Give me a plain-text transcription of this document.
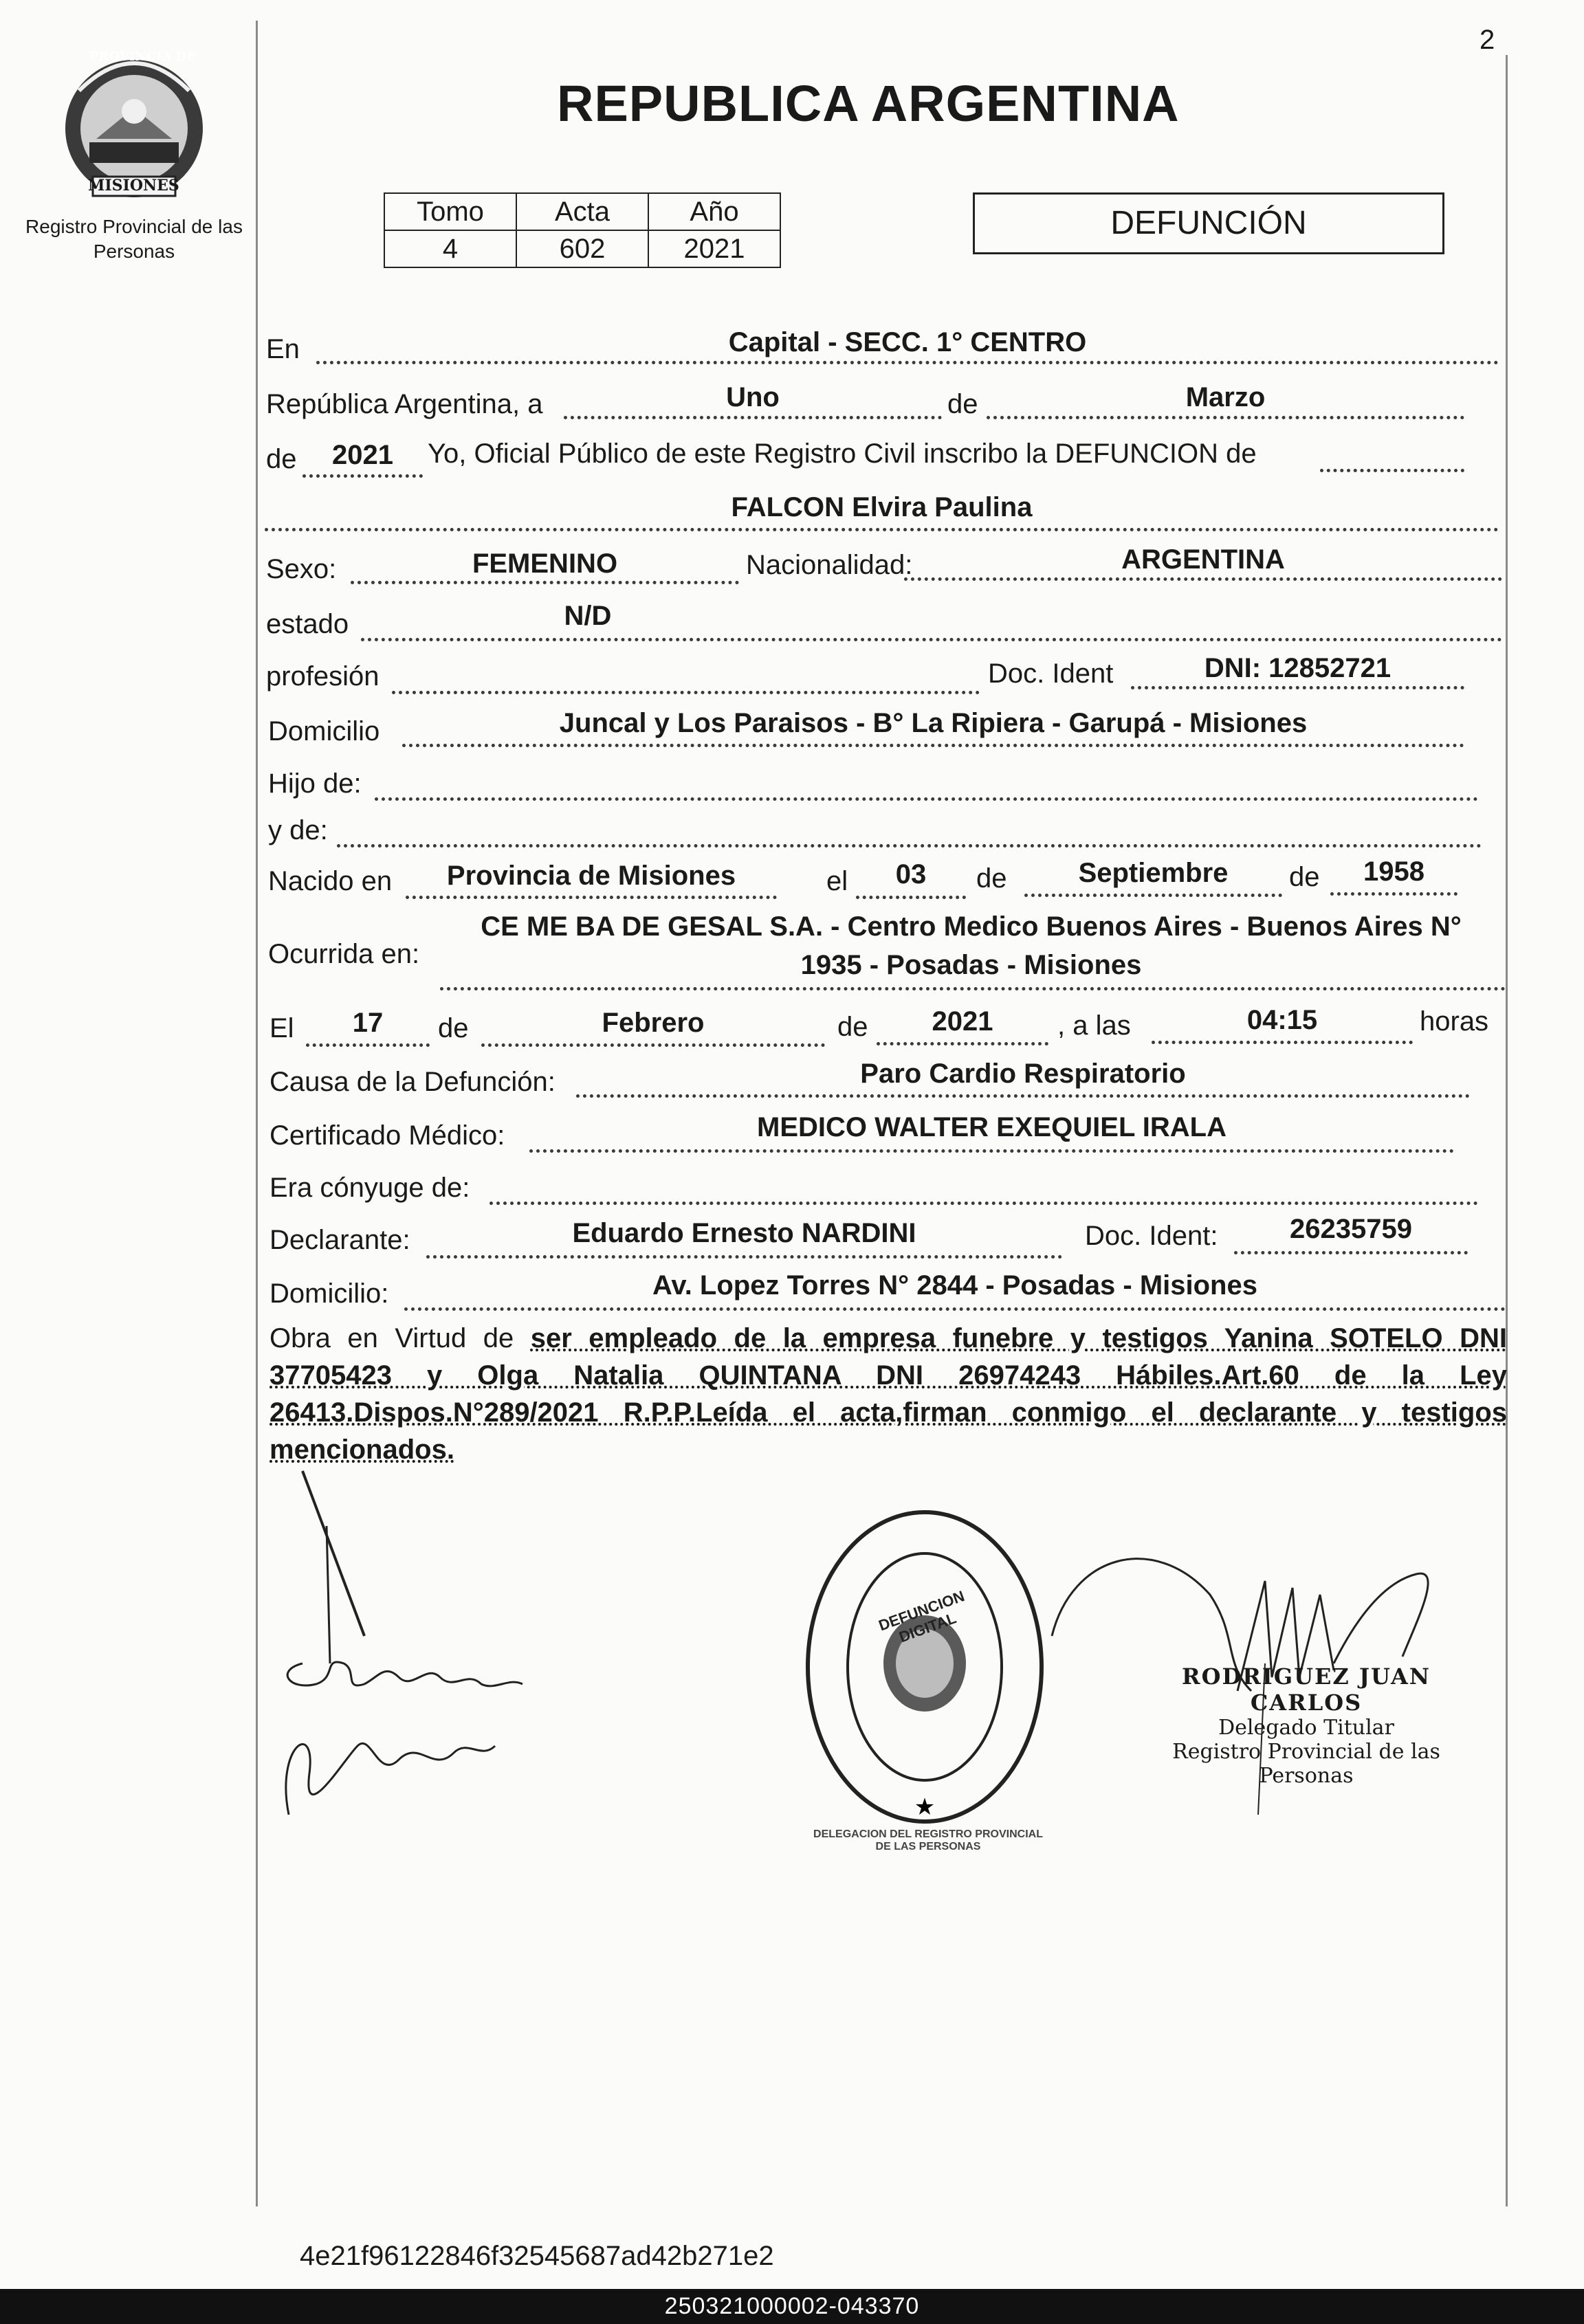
2
PROVINCIA DE
MISIONES
Registro Provincial de las Personas
REPUBLICA ARGENTINA
Tomo	Acta	Año
4	602	2021
DEFUNCIÓN
En	Capital - SECC. 1° CENTRO
República Argentina, a	Uno	de	Marzo
de	2021	Yo, Oficial Público de este Registro Civil inscribo la DEFUNCION de
FALCON Elvira Paulina
Sexo:	FEMENINO	Nacionalidad:	ARGENTINA
estado	N/D
profesión	Doc. Ident	DNI: 12852721
Domicilio	Juncal y Los Paraisos - B° La Ripiera - Garupá - Misiones
Hijo de:
y de:
Nacido en	Provincia de Misiones	el	03	de	Septiembre	de	1958
Ocurrida en:
CE ME BA DE GESAL S.A. - Centro Medico Buenos Aires - Buenos Aires N°
1935 - Posadas - Misiones
El	17	de	Febrero	de	2021	, a las	04:15	horas
Causa de la Defunción:	Paro Cardio Respiratorio
Certificado Médico:	MEDICO WALTER EXEQUIEL IRALA
Era cónyuge de:
Declarante:	Eduardo Ernesto NARDINI	Doc. Ident:	26235759
Domicilio:	Av. Lopez Torres N° 2844 - Posadas - Misiones
Obra en Virtud de ser empleado de la empresa funebre y testigos Yanina SOTELO DNI 37705423 y Olga Natalia QUINTANA DNI 26974243 Hábiles.Art.60 de la Ley 26413.Dispos.N°289/2021 R.P.P.Leída el acta,firman conmigo el declarante y testigos mencionados.
★
DELEGACION DEL REGISTRO PROVINCIAL DE LAS PERSONAS
DEFUNCION DIGITAL
RODRIGUEZ JUAN CARLOS
Delegado Titular
Registro Provincial de las Personas
4e21f96122846f32545687ad42b271e2
250321000002-043370
